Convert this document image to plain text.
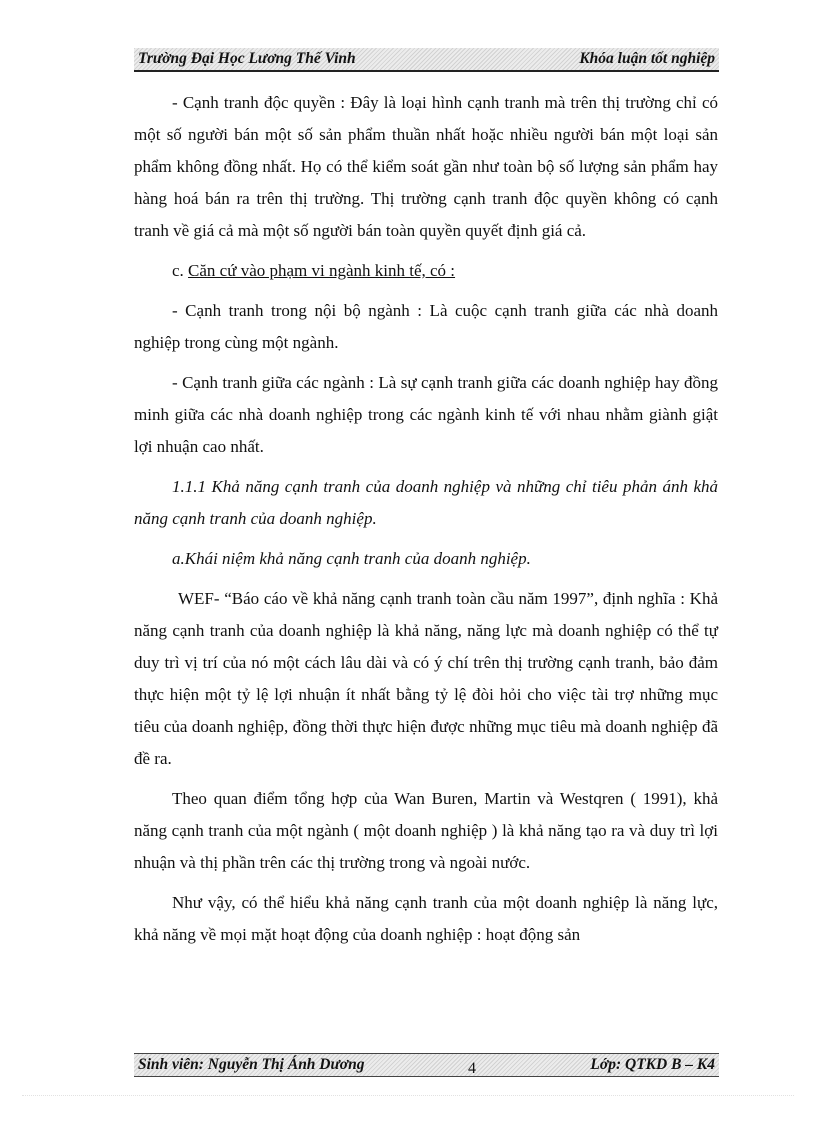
Trường Đại Học Lương Thế Vinh	Khóa luận tốt nghiệp

- Cạnh tranh độc quyền : Đây là loại hình cạnh tranh mà trên thị trường chỉ có một số người bán một số sản phẩm thuần nhất hoặc nhiều người bán một loại sản phẩm không đồng nhất. Họ có thể kiểm soát gần như toàn bộ số lượng sản phẩm hay hàng hoá bán ra trên thị trường. Thị trường cạnh tranh độc quyền không có cạnh tranh về giá cả mà một số người bán toàn quyền quyết định giá cả.

c. Căn cứ vào phạm vi ngành kinh tế, có :

- Cạnh tranh trong nội bộ ngành : Là cuộc cạnh tranh giữa các nhà doanh nghiệp trong cùng một ngành.

- Cạnh tranh giữa các ngành : Là sự cạnh tranh giữa các doanh nghiệp hay đồng minh giữa các nhà doanh nghiệp trong các ngành kinh tế với nhau nhằm giành giật lợi nhuận cao nhất.

1.1.1 Khả năng cạnh tranh của doanh nghiệp và những chỉ tiêu phản ánh khả năng cạnh tranh của doanh nghiệp.

a.Khái niệm khả năng cạnh tranh của doanh nghiệp.

WEF- “Báo cáo về khả năng cạnh tranh toàn cầu năm 1997”, định nghĩa : Khả năng cạnh tranh của doanh nghiệp là khả năng, năng lực mà doanh nghiệp có thể tự duy trì vị trí của nó một cách lâu dài và có ý chí trên thị trường cạnh tranh, bảo đảm thực hiện một tỷ lệ lợi nhuận ít nhất bằng tỷ lệ đòi hỏi cho việc tài trợ những mục tiêu của doanh nghiệp, đồng thời thực hiện được những mục tiêu mà doanh nghiệp đã đề ra.

Theo quan điểm tổng hợp của Wan Buren, Martin và Westqren ( 1991), khả năng cạnh tranh của một ngành ( một doanh nghiệp ) là khả năng tạo ra và duy trì lợi nhuận và thị phần trên các thị trường trong và ngoài nước.

Như vậy, có thể hiểu khả năng cạnh tranh của một doanh nghiệp là năng lực, khả năng về mọi mặt hoạt động của doanh nghiệp : hoạt động sản

Sinh viên: Nguyễn Thị Ánh Dương	4	Lớp: QTKD B – K4
